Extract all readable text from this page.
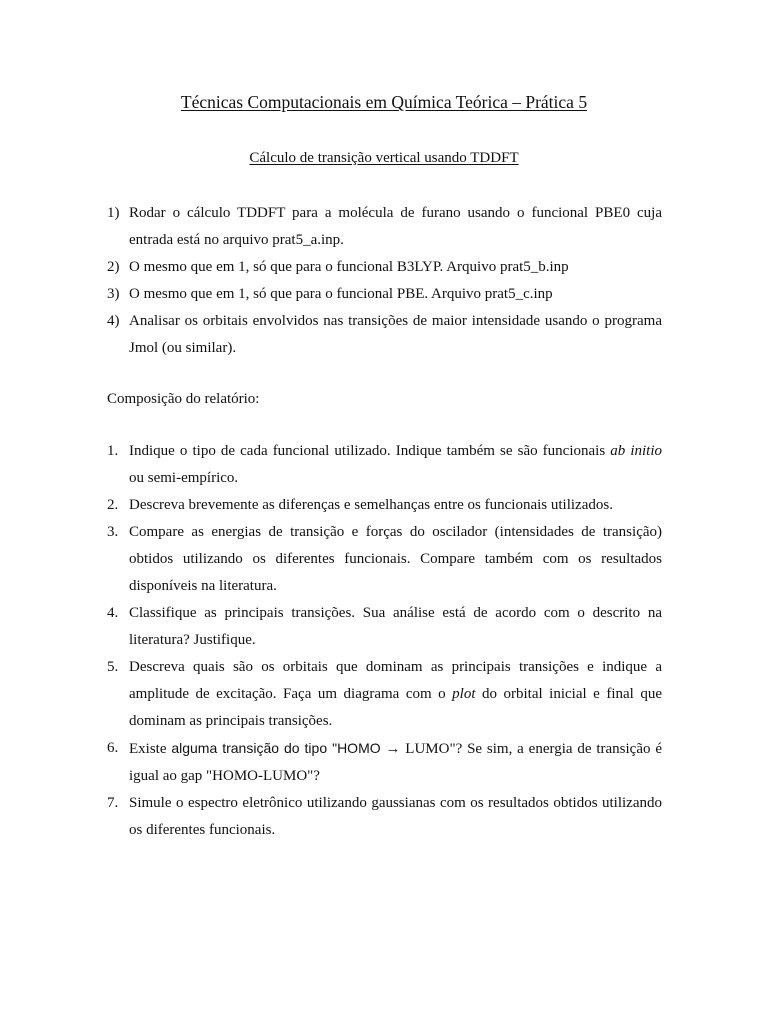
Técnicas Computacionais em Química Teórica – Prática 5
Cálculo de transição vertical usando TDDFT
1) Rodar o cálculo TDDFT para a molécula de furano usando o funcional PBE0 cuja entrada está no arquivo prat5_a.inp.
2) O mesmo que em 1, só que para o funcional B3LYP. Arquivo prat5_b.inp
3) O mesmo que em 1, só que para o funcional PBE. Arquivo prat5_c.inp
4) Analisar os orbitais envolvidos nas transições de maior intensidade usando o programa Jmol (ou similar).
Composição do relatório:
1. Indique o tipo de cada funcional utilizado. Indique também se são funcionais ab initio ou semi-empírico.
2. Descreva brevemente as diferenças e semelhanças entre os funcionais utilizados.
3. Compare as energias de transição e forças do oscilador (intensidades de transição) obtidos utilizando os diferentes funcionais. Compare também com os resultados disponíveis na literatura.
4. Classifique as principais transições. Sua análise está de acordo com o descrito na literatura? Justifique.
5. Descreva quais são os orbitais que dominam as principais transições e indique a amplitude de excitação. Faça um diagrama com o plot do orbital inicial e final que dominam as principais transições.
6. Existe alguma transição do tipo "HOMO → LUMO"? Se sim, a energia de transição é igual ao gap "HOMO-LUMO"?
7. Simule o espectro eletrônico utilizando gaussianas com os resultados obtidos utilizando os diferentes funcionais.
